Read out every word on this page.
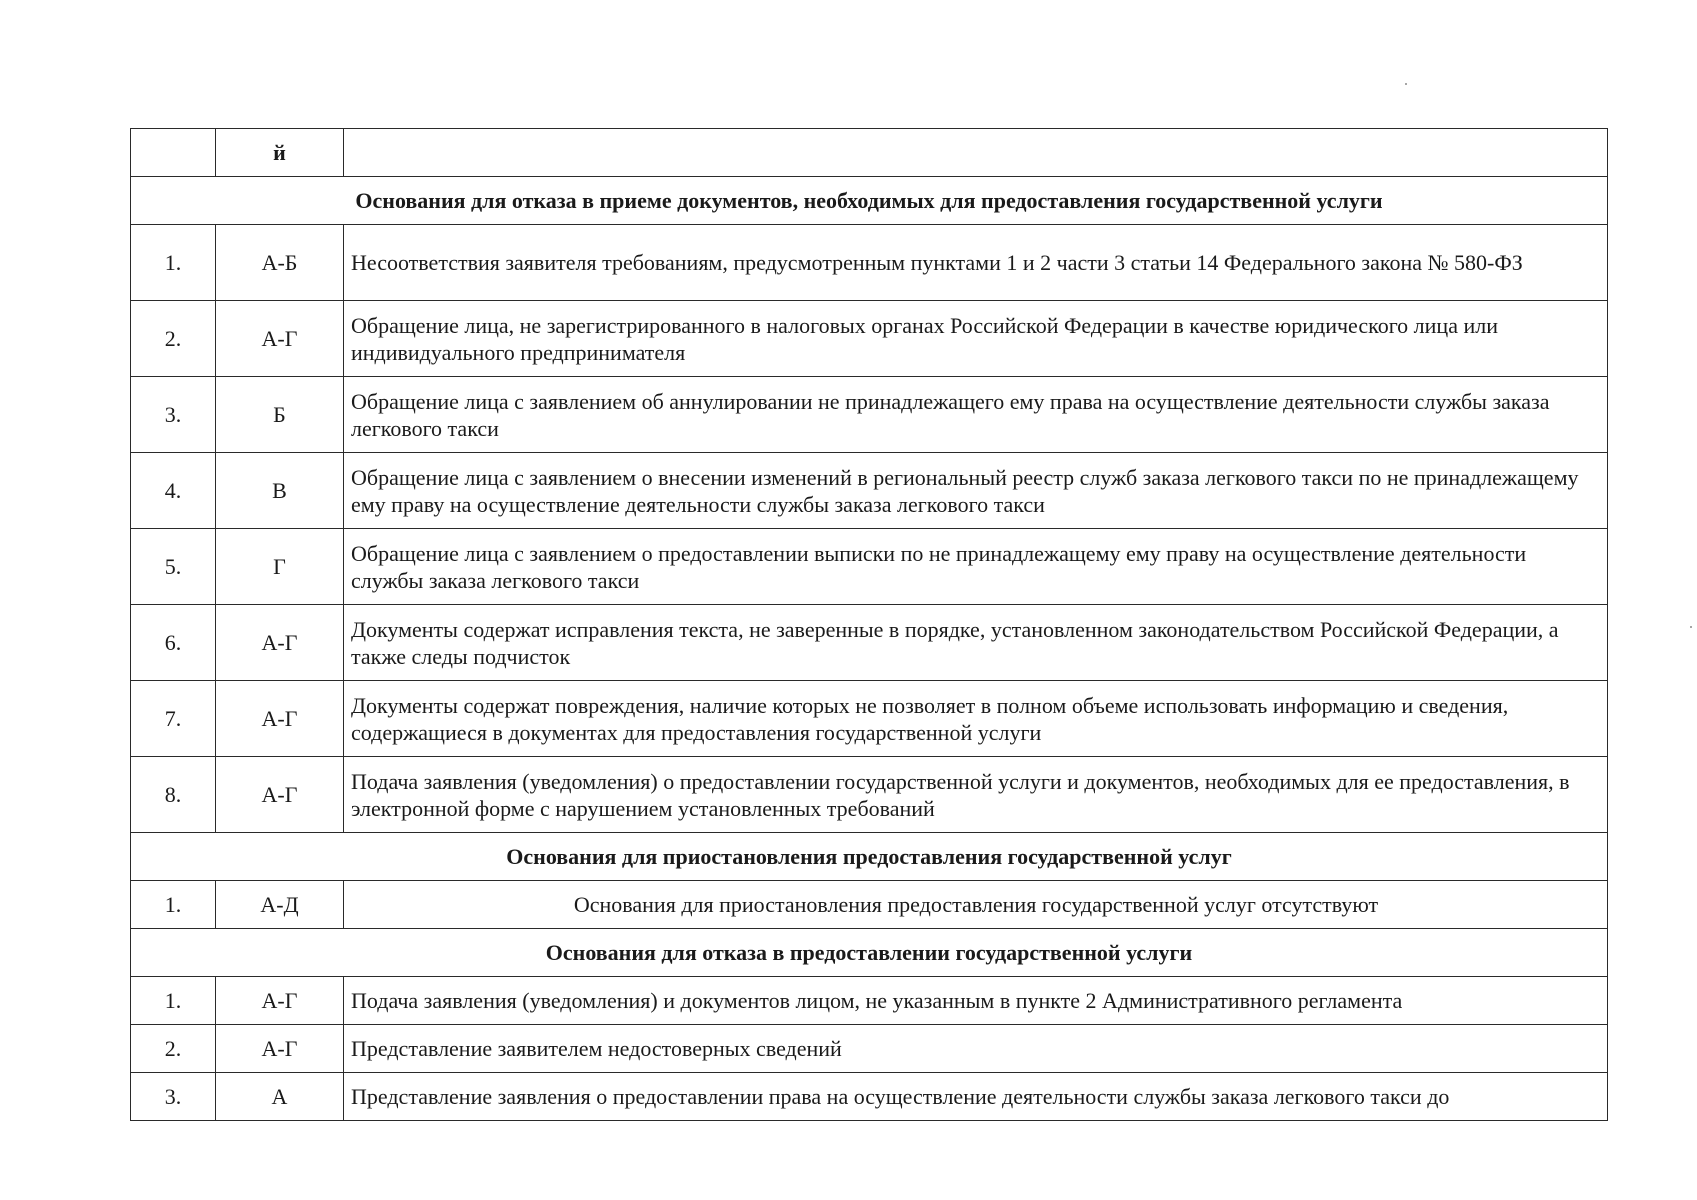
	й	
Основания для отказа в приеме документов, необходимых для предоставления государственной услуги		
1.	А-Б	Несоответствия заявителя требованиям, предусмотренным пунктами 1 и 2 части 3 статьи 14 Федерального закона № 580-ФЗ
2.	А-Г	Обращение лица, не зарегистрированного в налоговых органах Российской Федерации в качестве юридического лица или индивидуального предпринимателя
3.	Б	Обращение лица с заявлением об аннулировании не принадлежащего ему права на осуществление деятельности службы заказа легкового такси
4.	В	Обращение лица с заявлением о внесении изменений в региональный реестр служб заказа легкового такси по не принадлежащему ему праву на осуществление деятельности службы заказа легкового такси
5.	Г	Обращение лица с заявлением о предоставлении выписки по не принадлежащему ему праву на осуществление деятельности службы заказа легкового такси
6.	А-Г	Документы содержат исправления текста, не заверенные в порядке, установленном законодательством Российской Федерации, а также следы подчисток
7.	А-Г	Документы содержат повреждения, наличие которых не позволяет в полном объеме использовать информацию и сведения, содержащиеся в документах для предоставления государственной услуги
8.	А-Г	Подача заявления (уведомления) о предоставлении государственной услуги и документов, необходимых для ее предоставления, в электронной форме с нарушением установленных требований
Основания для приостановления предоставления государственной услуг		
1.	А-Д	Основания для приостановления предоставления государственной услуг отсутствуют
Основания для отказа в предоставлении государственной услуги		
1.	А-Г	Подача заявления (уведомления) и документов лицом, не указанным в пункте 2 Административного регламента
2.	А-Г	Представление заявителем недостоверных сведений
3.	А	Представление заявления о предоставлении права на осуществление деятельности службы заказа легкового такси до
